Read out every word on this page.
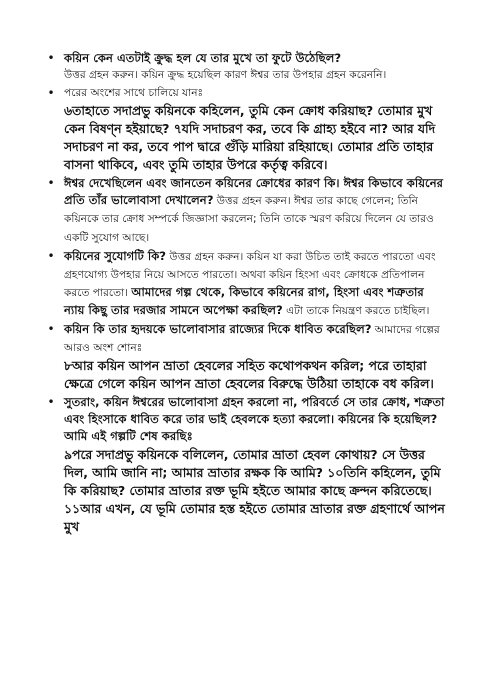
• কয়িন কেন এতটাই ক্রুদ্ধ হল যে তার মুখে তা ফুটে উঠেছিল?
উত্তর গ্রহন করুন। কয়িন ক্রুদ্ধ হয়েছিল কারণ ঈশ্বর তার উপহার গ্রহন করেননি।
• পরের অংশের সাথে চালিয়ে যানঃ
৬তাহাতে সদাপ্রভু কয়িনকে কহিলেন, তুমি কেন ক্রোধ করিয়াছ? তোমার মুখ কেন বিষণ্ন হইয়াছে? ৭যদি সদাচরণ কর, তবে কি গ্রাহ্য হইবে না? আর যদি সদাচরণ না কর, তবে পাপ দ্বারে গুঁড়ি মারিয়া রহিয়াছে। তোমার প্রতি তাহার বাসনা থাকিবে, এবং তুমি তাহার উপরে কর্তৃত্ব করিবে।
• ঈশ্বর দেখেছিলেন এবং জানতেন কয়িনের ক্রোধের কারণ কি। ঈশ্বর কিভাবে কয়িনের প্রতি তাঁর ভালোবাসা দেখালেন? উত্তর গ্রহন করুন। ঈশ্বর তার কাছে গেলেন; তিনি কয়িনকে তার ক্রোধ সম্পর্কে জিজ্ঞাসা করলেন; তিনি তাকে স্মরণ করিয়ে দিলেন যে তারও একটি সুযোগ আছে।
• কয়িনের সুযোগটি কি? উত্তর গ্রহন করুন। কয়িন যা করা উচিত তাই করতে পারতো এবং গ্রহণযোগ্য উপহার নিয়ে আসতে পারতো। অথবা কয়িন হিংসা এবং ক্রোধকে প্রতিপালন করতে পারতো। আমাদের গল্প থেকে, কিভাবে কয়িনের রাগ, হিংসা এবং শত্রুতার ন্যায় কিছু তার দরজার সামনে অপেক্ষা করছিল? এটা তাকে নিয়ন্ত্রণ করতে চাইছিল।
• কয়িন কি তার হৃদয়কে ভালোবাসার রাজ্যের দিকে ধাবিত করেছিল? আমাদের গল্পের আরও অংশ শোনঃ
৮আর কয়িন আপন ভ্রাতা হেবলের সহিত কথোপকথন করিল; পরে তাহারা ক্ষেত্রে গেলে কয়িন আপন ভ্রাতা হেবলের বিরুদ্ধে উঠিয়া তাহাকে বধ করিল।
• সুতরাং, কয়িন ঈশ্বরের ভালোবাসা গ্রহন করলো না, পরিবর্তে সে তার ক্রোধ, শত্রুতা এবং হিংসাকে ধাবিত করে তার ভাই হেবলকে হত্যা করলো। কয়িনের কি হয়েছিল? আমি এই গল্পটি শেষ করছিঃ
৯পরে সদাপ্রভু কয়িনকে বলিলেন, তোমার ভ্রাতা হেবল কোথায়? সে উত্তর দিল, আমি জানি না; আমার ভ্রাতার রক্ষক কি আমি? ১০তিনি কহিলেন, তুমি কি করিয়াছ? তোমার ভ্রাতার রক্ত ভূমি হইতে আমার কাছে ক্রন্দন করিতেছে। ১১আর এখন, যে ভূমি তোমার হস্ত হইতে তোমার ভ্রাতার রক্ত গ্রহণার্থে আপন মুখ
